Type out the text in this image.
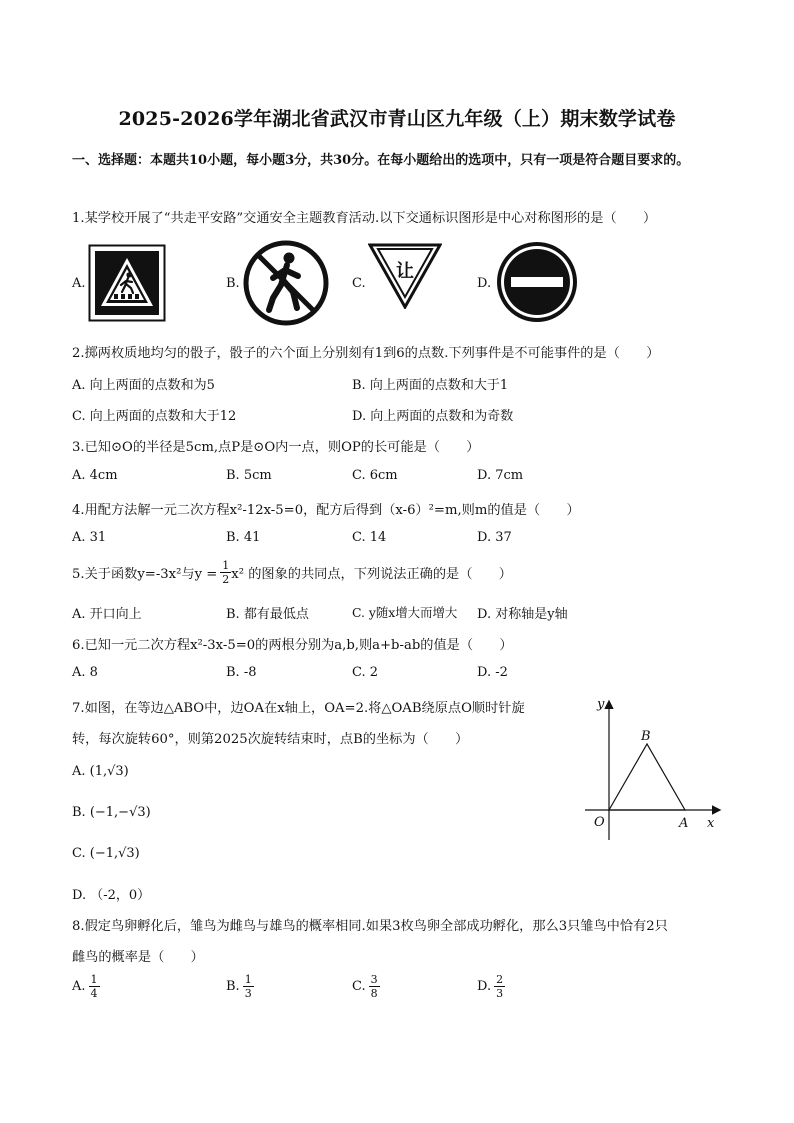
2025-2026学年湖北省武汉市青山区九年级（上）期末数学试卷
一、选择题：本题共10小题，每小题3分，共30分。在每小题给出的选项中，只有一项是符合题目要求的。
1.某学校开展了“共走平安路”交通安全主题教育活动.以下交通标识图形是中心对称图形的是（　　）
A.	B.	C.	D.
让
2.掷两枚质地均匀的骰子，骰子的六个面上分别刻有1到6的点数.下列事件是不可能事件的是（　　）
A. 向上两面的点数和为5	B. 向上两面的点数和大于1
C. 向上两面的点数和大于12	D. 向上两面的点数和为奇数
3.已知⊙O的半径是5cm,点P是⊙O内一点，则OP的长可能是（　　）
A. 4cm	B. 5cm	C. 6cm	D. 7cm
4.用配方法解一元二次方程x²-12x-5=0，配方后得到（x-6）²=m,则m的值是（　　）
A. 31	B. 41	C. 14	D. 37
5.关于函数y=-3x²与$y = \frac{1}{2} x^2$ 的图象的共同点，下列说法正确的是（　　）
A. 开口向上	B. 都有最低点	C. y随x增大而增大 D. 对称轴是y轴
6.已知一元二次方程x²-3x-5=0的两根分别为a,b,则a+b-ab的值是（　　）
A. 8	B. -8	C. 2	D. -2
7.如图，在等边△ABO中，边OA在x轴上，OA=2.将△OAB绕原点O顺时针旋
转，每次旋转60°，则第2025次旋转结束时，点B的坐标为（　　）
A. (1,√3)
B. (−1,−√3)
C. (−1,√3)
D. （-2，0）
y
x
O	A
B
8.假定鸟卵孵化后，雏鸟为雌鸟与雄鸟的概率相同.如果3枚鸟卵全部成功孵化，那么3只雏鸟中恰有2只
雌鸟的概率是（　　）
A. $\frac{1}{4}$	B. $\frac{1}{3}$	C. $\frac{3}{8}$	D. $\frac{2}{3}$
